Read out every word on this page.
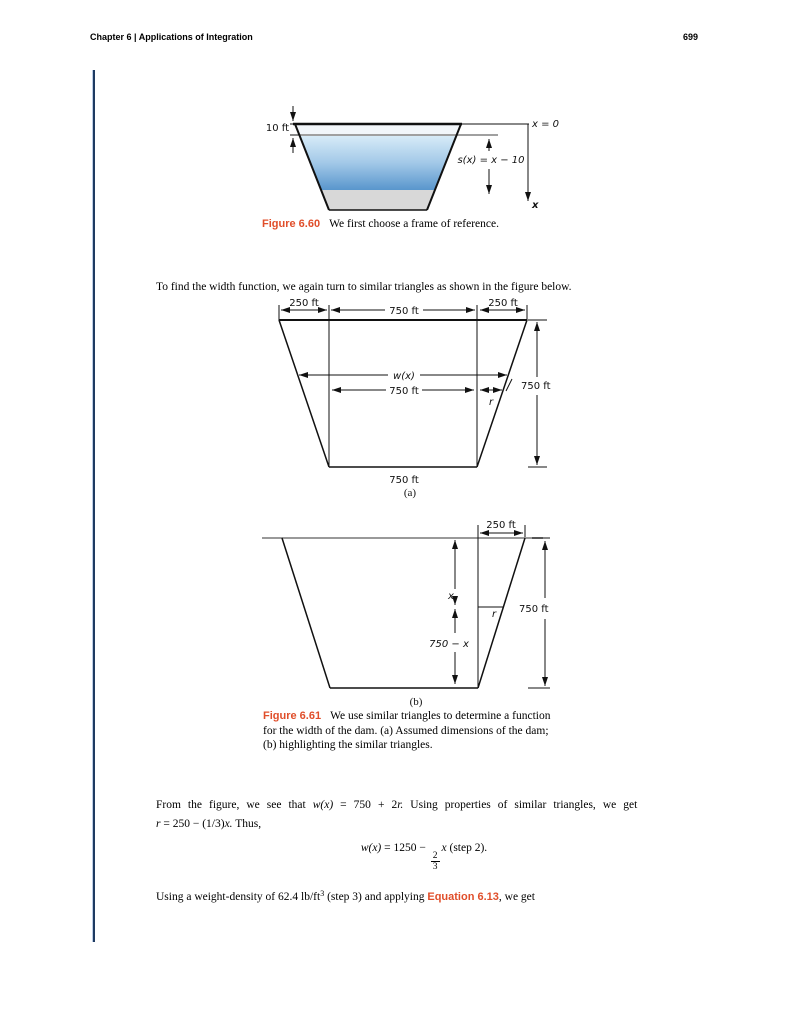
Chapter 6 | Applications of Integration	699
10 ft
s(x) = x − 10
x = 0
x
Figure 6.60 We first choose a frame of reference.
To find the width function, we again turn to similar triangles as shown in the figure below.
250 ft
750 ft
250 ft
w(x)
750 ft
r
750 ft
750 ft
(a)
250 ft
r
x
750 − x
750 ft
(b)
Figure 6.61 We use similar triangles to determine a function
for the width of the dam. (a) Assumed dimensions of the dam;
(b) highlighting the similar triangles.
From the figure, we see that w(x) = 750 + 2r. Using properties of similar triangles, we get
r = 250 − (1/3)x. Thus,
w(x) = 1250 −
$\frac{2}{3}$
x (step 2).
Using a weight-density of 62.4 $lb/ft^3$ (step 3) and applying Equation 6.13, we get
